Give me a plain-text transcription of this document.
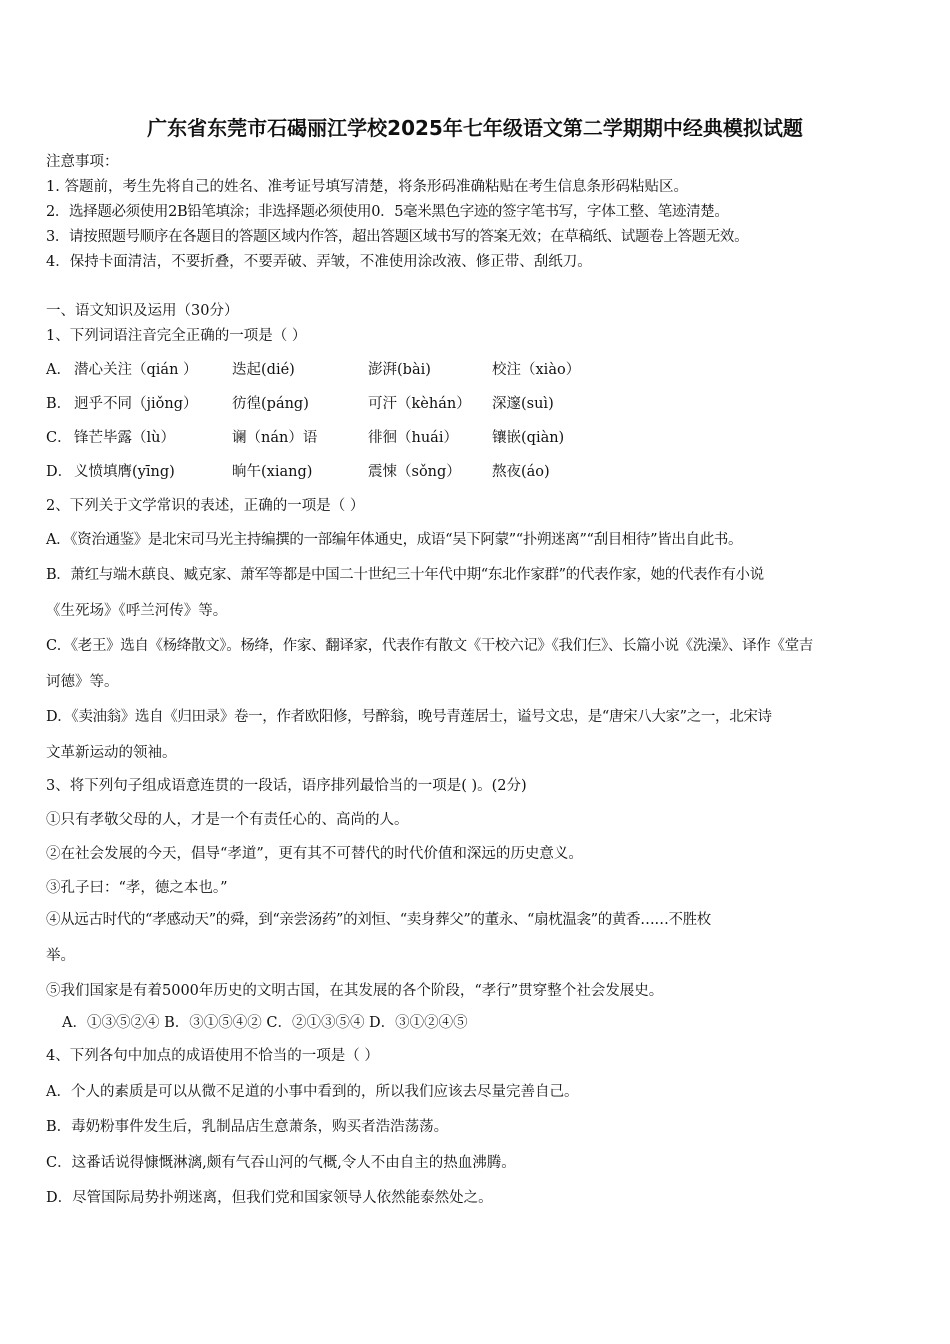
广东省东莞市石碣丽江学校2025年七年级语文第二学期期中经典模拟试题
注意事项：
1. 答题前，考生先将自己的姓名、准考证号填写清楚，将条形码准确粘贴在考生信息条形码粘贴区。
2．选择题必须使用2B铅笔填涂；非选择题必须使用0．5毫米黑色字迹的签字笔书写，字体工整、笔迹清楚。
3．请按照题号顺序在各题目的答题区域内作答，超出答题区域书写的答案无效；在草稿纸、试题卷上答题无效。
4．保持卡面清洁，不要折叠，不要弄破、弄皱，不准使用涂改液、修正带、刮纸刀。
一、语文知识及运用（30分）
1、下列词语注音完全正确的一项是（ ）
A． 潜心关注（qián ） 迭起(dié)	澎湃(bài)	校注（xiào）
B． 迥乎不同（jiǒng） 彷徨(páng)	可汗（kèhán） 深邃(suì)
C． 锋芒毕露（lù）	谰（nán）语	徘徊（huái） 镶嵌(qiàn)
D． 义愤填膺(yīng)	晌午(xiang)	震悚（sǒng） 熬夜(áo)
2、下列关于文学常识的表述，正确的一项是（ ）
A．《资治通鉴》是北宋司马光主持编撰的一部编年体通史，成语“吴下阿蒙”“扑朔迷离”“刮目相待”皆出自此书。
B．萧红与端木蕻良、臧克家、萧军等都是中国二十世纪三十年代中期“东北作家群”的代表作家，她的代表作有小说
《生死场》《呼兰河传》等。
C．《老王》选自《杨绛散文》。杨绛，作家、翻译家，代表作有散文《干校六记》《我们仨》、长篇小说《洗澡》、译作《堂吉
诃德》等。
D．《卖油翁》选自《归田录》卷一，作者欧阳修，号醉翁，晚号青莲居士，谥号文忠，是“唐宋八大家”之一，北宋诗
文革新运动的领袖。
3、将下列句子组成语意连贯的一段话，语序排列最恰当的一项是( )。(2分)
①只有孝敬父母的人，才是一个有责任心的、高尚的人。
②在社会发展的今天，倡导“孝道”，更有其不可替代的时代价值和深远的历史意义。
③孔子曰：“孝，德之本也。”
④从远古时代的“孝感动天”的舜，到“亲尝汤药”的刘恒、“卖身葬父”的董永、“扇枕温衾”的黄香……不胜枚
举。
⑤我们国家是有着5000年历史的文明古国，在其发展的各个阶段，“孝行”贯穿整个社会发展史。
A．①③⑤②④ B．③①⑤④② C．②①③⑤④ D．③①②④⑤
4、下列各句中加点的成语使用不恰当的一项是（ ）
A．个人的素质是可以从微不足道的小事中看到的，所以我们应该去尽量完善自己。
B．毒奶粉事件发生后，乳制品店生意萧条，购买者浩浩荡荡。
C．这番话说得慷慨淋漓,颇有气吞山河的气概,令人不由自主的热血沸腾。
D．尽管国际局势扑朔迷离，但我们党和国家领导人依然能泰然处之。
